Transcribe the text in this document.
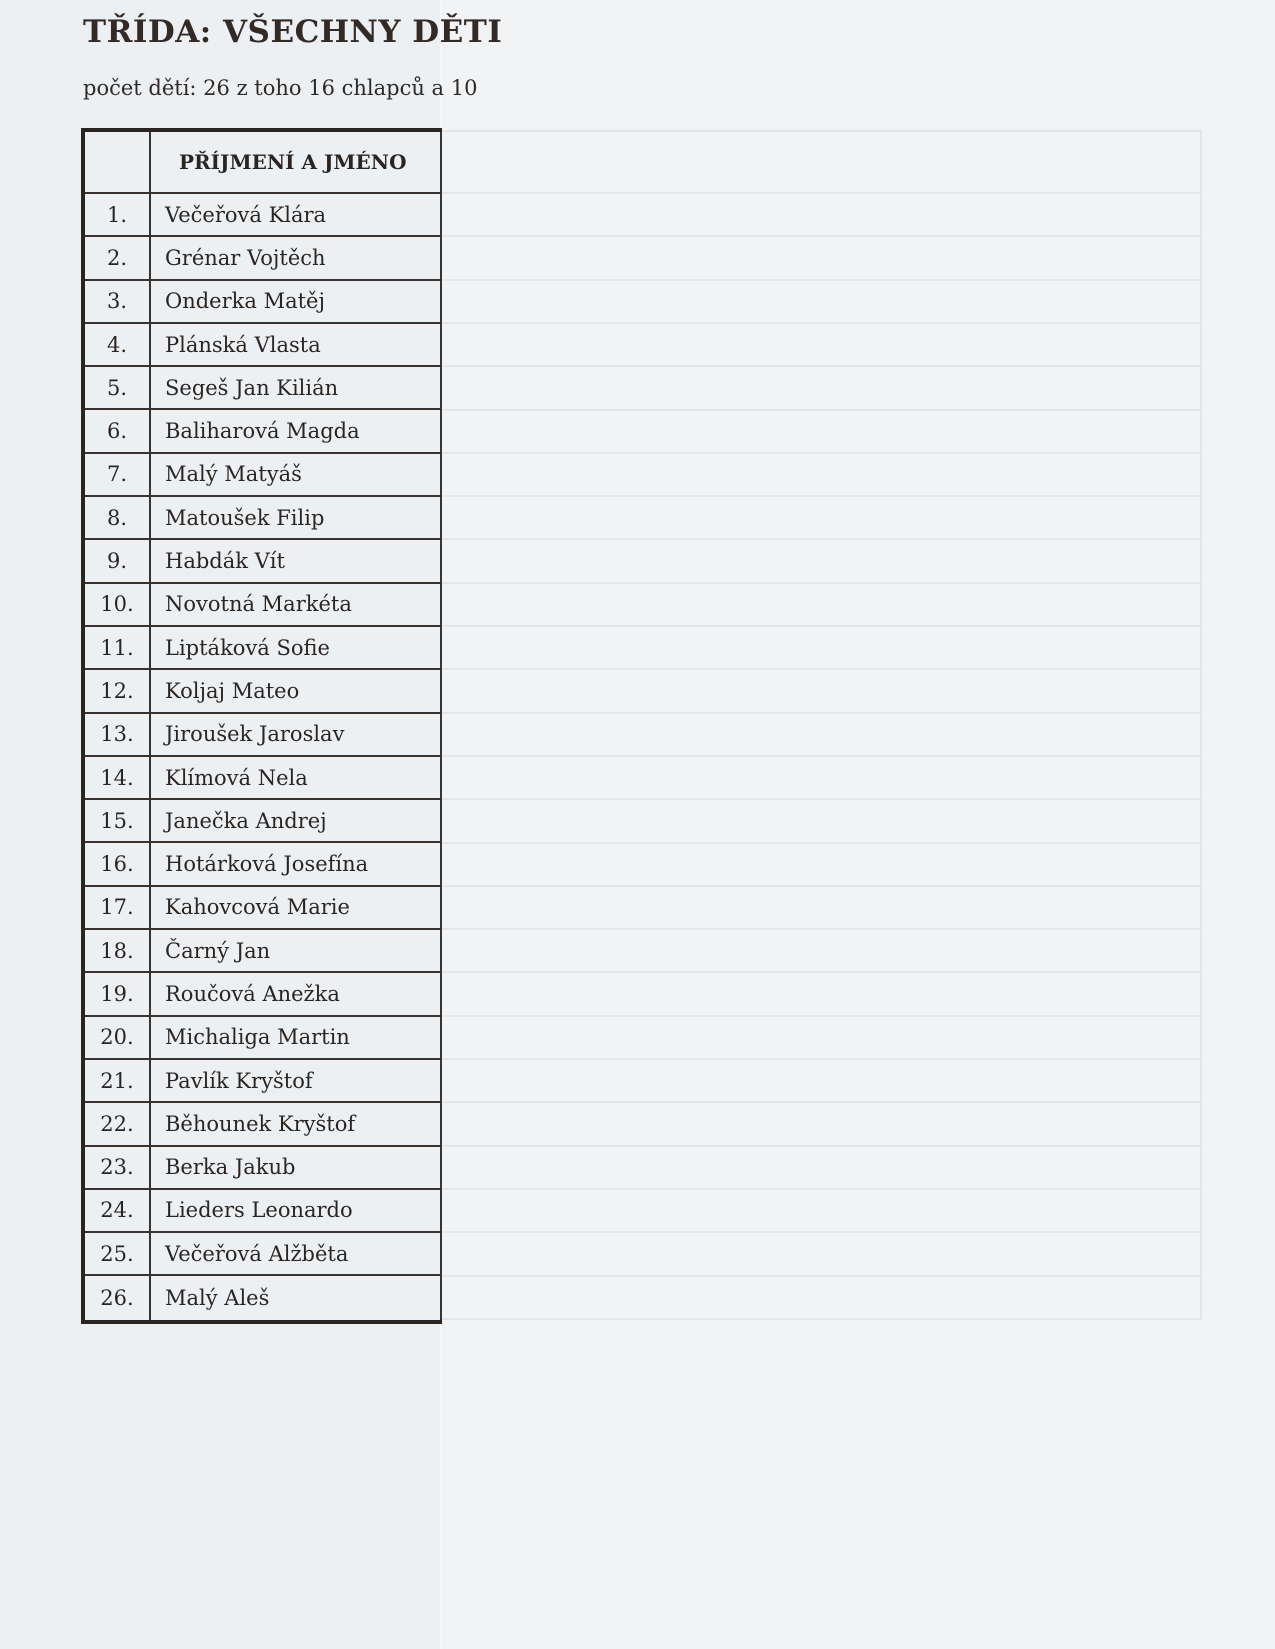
TŘÍDA: VŠECHNY DĚTI

počet dětí: 26 z toho 16 chlapců a 10

PŘÍJMENÍ A JMÉNO
1.	Večeřová Klára
2.	Grénar Vojtěch
3.	Onderka Matěj
4.	Plánská Vlasta
5.	Segeš Jan Kilián
6.	Baliharová Magda
7.	Malý Matyáš
8.	Matoušek Filip
9.	Habdák Vít
10.	Novotná Markéta
11.	Liptáková Sofie
12.	Koljaj Mateo
13.	Jiroušek Jaroslav
14.	Klímová Nela
15.	Janečka Andrej
16.	Hotárková Josefína
17.	Kahovcová Marie
18.	Čarný Jan
19.	Roučová Anežka
20.	Michaliga Martin
21.	Pavlík Kryštof
22.	Běhounek Kryštof
23.	Berka Jakub
24.	Lieders Leonardo
25.	Večeřová Alžběta
26.	Malý Aleš
